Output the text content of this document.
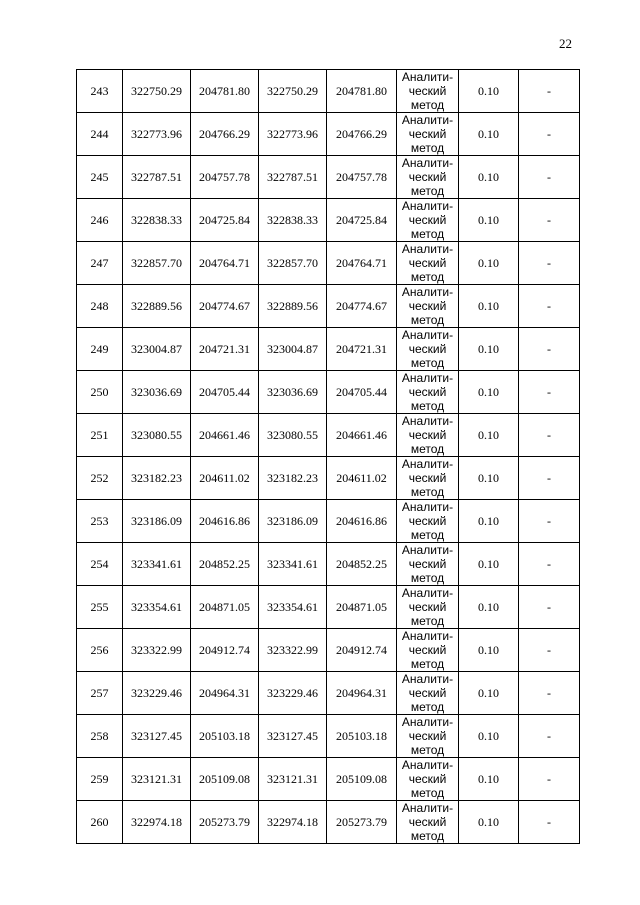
22
243	322750.29	204781.80	322750.29	204781.80	Аналити-
ческий
метод	0.10	-
244	322773.96	204766.29	322773.96	204766.29	Аналити-
ческий
метод	0.10	-
245	322787.51	204757.78	322787.51	204757.78	Аналити-
ческий
метод	0.10	-
246	322838.33	204725.84	322838.33	204725.84	Аналити-
ческий
метод	0.10	-
247	322857.70	204764.71	322857.70	204764.71	Аналити-
ческий
метод	0.10	-
248	322889.56	204774.67	322889.56	204774.67	Аналити-
ческий
метод	0.10	-
249	323004.87	204721.31	323004.87	204721.31	Аналити-
ческий
метод	0.10	-
250	323036.69	204705.44	323036.69	204705.44	Аналити-
ческий
метод	0.10	-
251	323080.55	204661.46	323080.55	204661.46	Аналити-
ческий
метод	0.10	-
252	323182.23	204611.02	323182.23	204611.02	Аналити-
ческий
метод	0.10	-
253	323186.09	204616.86	323186.09	204616.86	Аналити-
ческий
метод	0.10	-
254	323341.61	204852.25	323341.61	204852.25	Аналити-
ческий
метод	0.10	-
255	323354.61	204871.05	323354.61	204871.05	Аналити-
ческий
метод	0.10	-
256	323322.99	204912.74	323322.99	204912.74	Аналити-
ческий
метод	0.10	-
257	323229.46	204964.31	323229.46	204964.31	Аналити-
ческий
метод	0.10	-
258	323127.45	205103.18	323127.45	205103.18	Аналити-
ческий
метод	0.10	-
259	323121.31	205109.08	323121.31	205109.08	Аналити-
ческий
метод	0.10	-
260	322974.18	205273.79	322974.18	205273.79	Аналити-
ческий
метод	0.10	-
